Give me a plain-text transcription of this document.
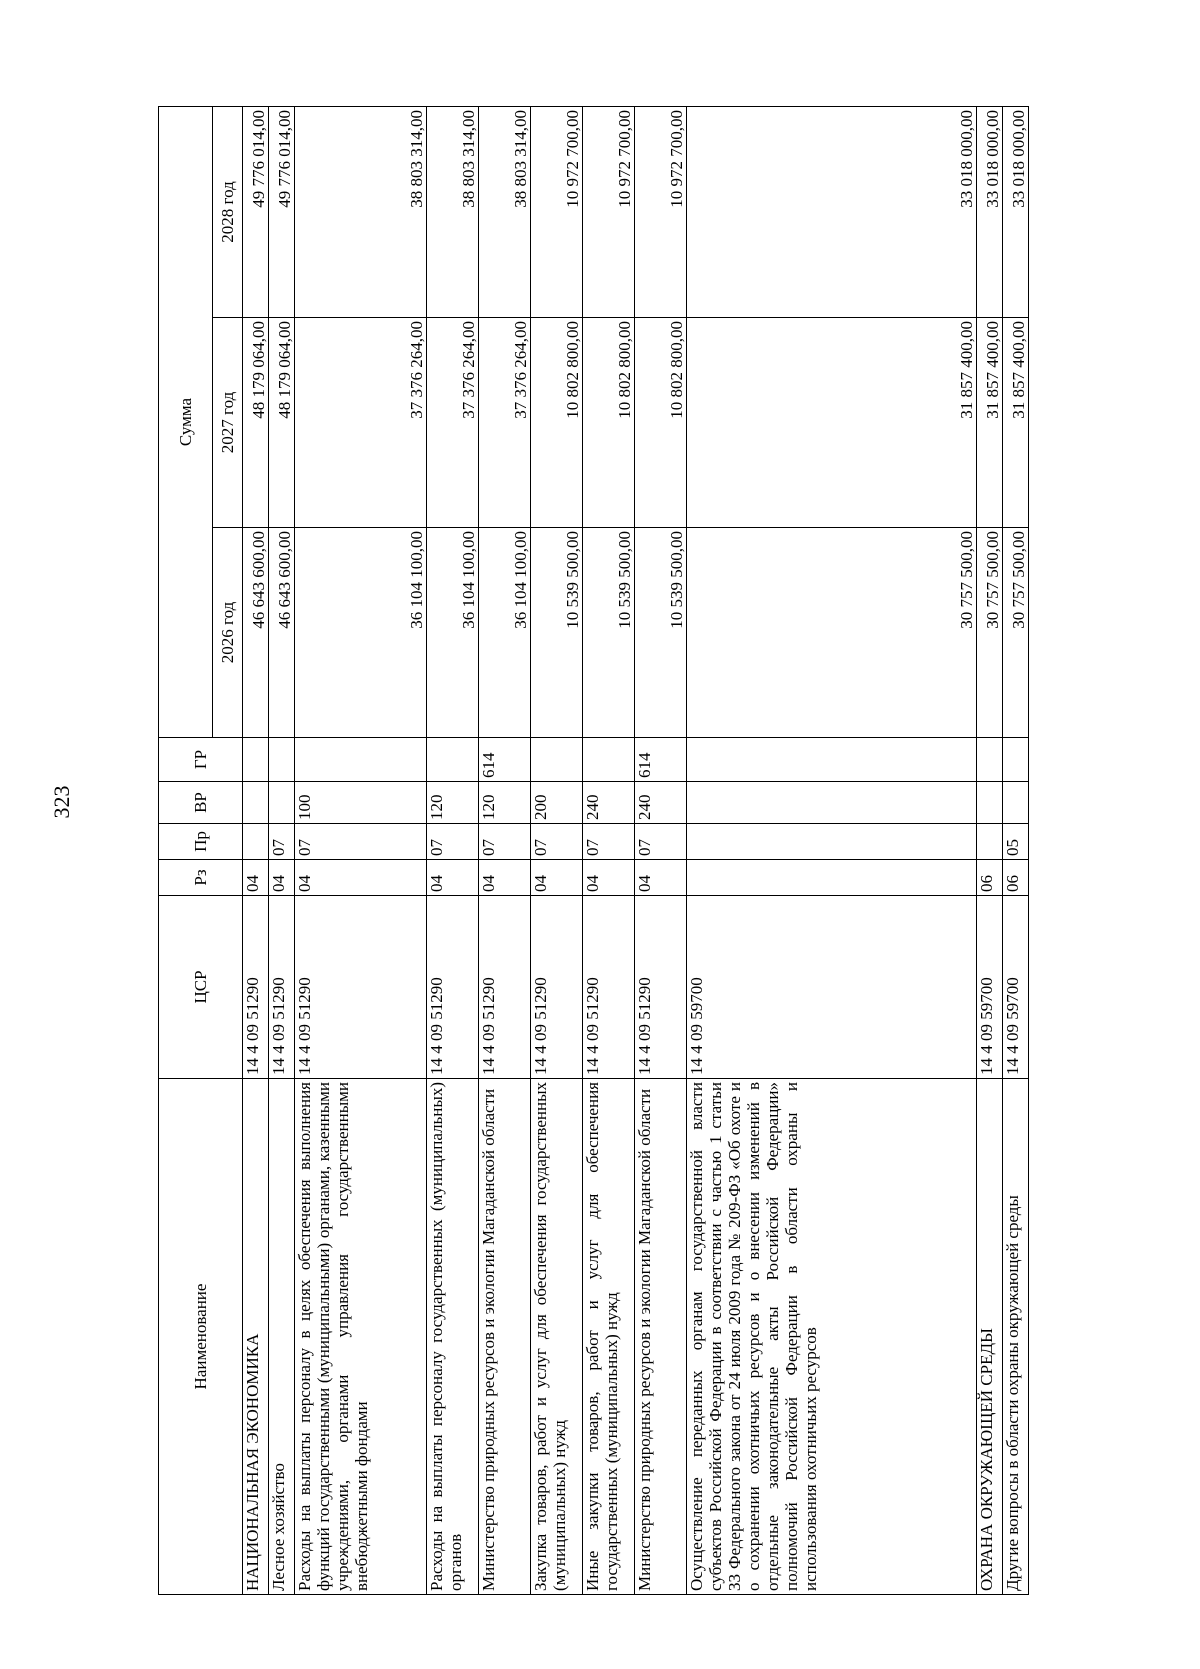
323
Наименование	ЦСР	Рз	Пр	ВР	ГР	Сумма		
						2026 год	2027 год	2028 год
НАЦИОНАЛЬНАЯ ЭКОНОМИКА	14 4 09 51290	04				46 643 600,00	48 179 064,00	49 776 014,00
Лесное хозяйство	14 4 09 51290	04	07			46 643 600,00	48 179 064,00	49 776 014,00
Расходы на выплаты персоналу в целях обеспечения выполнения функций государственными (муниципальными) органами, казенными учреждениями, органами управления государственными внебюджетными фондами	14 4 09 51290	04	07	100		36 104 100,00	37 376 264,00	38 803 314,00
Расходы на выплаты персоналу государственных (муниципальных) органов	14 4 09 51290	04	07	120		36 104 100,00	37 376 264,00	38 803 314,00
Министерство природных ресурсов и экологии Магаданской области	14 4 09 51290	04	07	120	614	36 104 100,00	37 376 264,00	38 803 314,00
Закупка товаров, работ и услуг для обеспечения государственных (муниципальных) нужд	14 4 09 51290	04	07	200		10 539 500,00	10 802 800,00	10 972 700,00
Иные закупки товаров, работ и услуг для обеспечения государственных (муниципальных) нужд	14 4 09 51290	04	07	240		10 539 500,00	10 802 800,00	10 972 700,00
Министерство природных ресурсов и экологии Магаданской области	14 4 09 51290	04	07	240	614	10 539 500,00	10 802 800,00	10 972 700,00
Осуществление переданных органам государственной власти субъектов Российской Федерации в соответствии с частью 1 статьи 33 Федерального закона от 24 июля 2009 года № 209-ФЗ «Об охоте и о сохранении охотничьих ресурсов и о внесении изменений в отдельные законодательные акты Российской Федерации» полномочий Российской Федерации в области охраны и использования охотничьих ресурсов	14 4 09 59700					30 757 500,00	31 857 400,00	33 018 000,00
ОХРАНА ОКРУЖАЮЩЕЙ СРЕДЫ	14 4 09 59700	06				30 757 500,00	31 857 400,00	33 018 000,00
Другие вопросы в области охраны окружающей среды	14 4 09 59700	06	05			30 757 500,00	31 857 400,00	33 018 000,00
